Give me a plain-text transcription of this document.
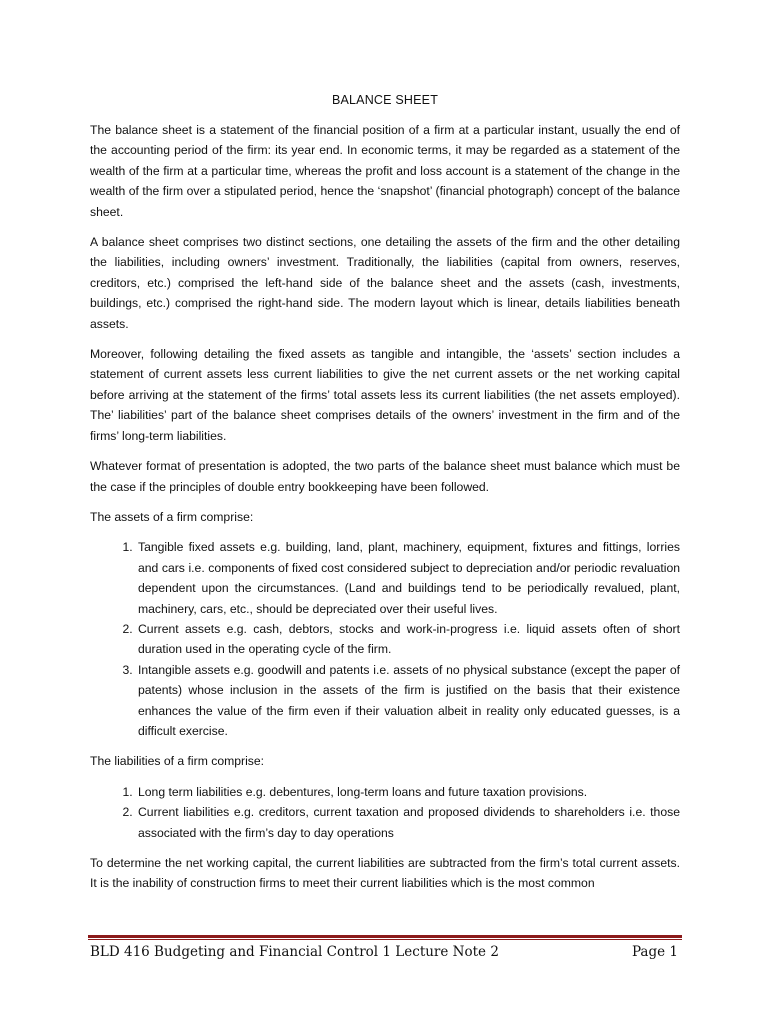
BALANCE SHEET

The balance sheet is a statement of the financial position of a firm at a particular instant, usually the end of the accounting period of the firm: its year end. In economic terms, it may be regarded as a statement of the wealth of the firm at a particular time, whereas the profit and loss account is a statement of the change in the wealth of the firm over a stipulated period, hence the ‘snapshot’ (financial photograph) concept of the balance sheet.

A balance sheet comprises two distinct sections, one detailing the assets of the firm and the other detailing the liabilities, including owners’ investment. Traditionally, the liabilities (capital from owners, reserves, creditors, etc.) comprised the left-hand side of the balance sheet and the assets (cash, investments, buildings, etc.) comprised the right-hand side. The modern layout which is linear, details liabilities beneath assets.

Moreover, following detailing the fixed assets as tangible and intangible, the ‘assets’ section includes a statement of current assets less current liabilities to give the net current assets or the net working capital before arriving at the statement of the firms’ total assets less its current liabilities (the net assets employed). The’ liabilities’ part of the balance sheet comprises details of the owners’ investment in the firm and of the firms’ long-term liabilities.

Whatever format of presentation is adopted, the two parts of the balance sheet must balance which must be the case if the principles of double entry bookkeeping have been followed.

The assets of a firm comprise:

1. Tangible fixed assets e.g. building, land, plant, machinery, equipment, fixtures and fittings, lorries and cars i.e. components of fixed cost considered subject to depreciation and/or periodic revaluation dependent upon the circumstances. (Land and buildings tend to be periodically revalued, plant, machinery, cars, etc., should be depreciated over their useful lives.
2. Current assets e.g. cash, debtors, stocks and work-in-progress i.e. liquid assets often of short duration used in the operating cycle of the firm.
3. Intangible assets e.g. goodwill and patents i.e. assets of no physical substance (except the paper of patents) whose inclusion in the assets of the firm is justified on the basis that their existence enhances the value of the firm even if their valuation albeit in reality only educated guesses, is a difficult exercise.

The liabilities of a firm comprise:

1. Long term liabilities e.g. debentures, long-term loans and future taxation provisions.
2. Current liabilities e.g. creditors, current taxation and proposed dividends to shareholders i.e. those associated with the firm’s day to day operations

To determine the net working capital, the current liabilities are subtracted from the firm’s total current assets. It is the inability of construction firms to meet their current liabilities which is the most common

BLD 416 Budgeting and Financial Control 1 Lecture Note 2	Page 1
